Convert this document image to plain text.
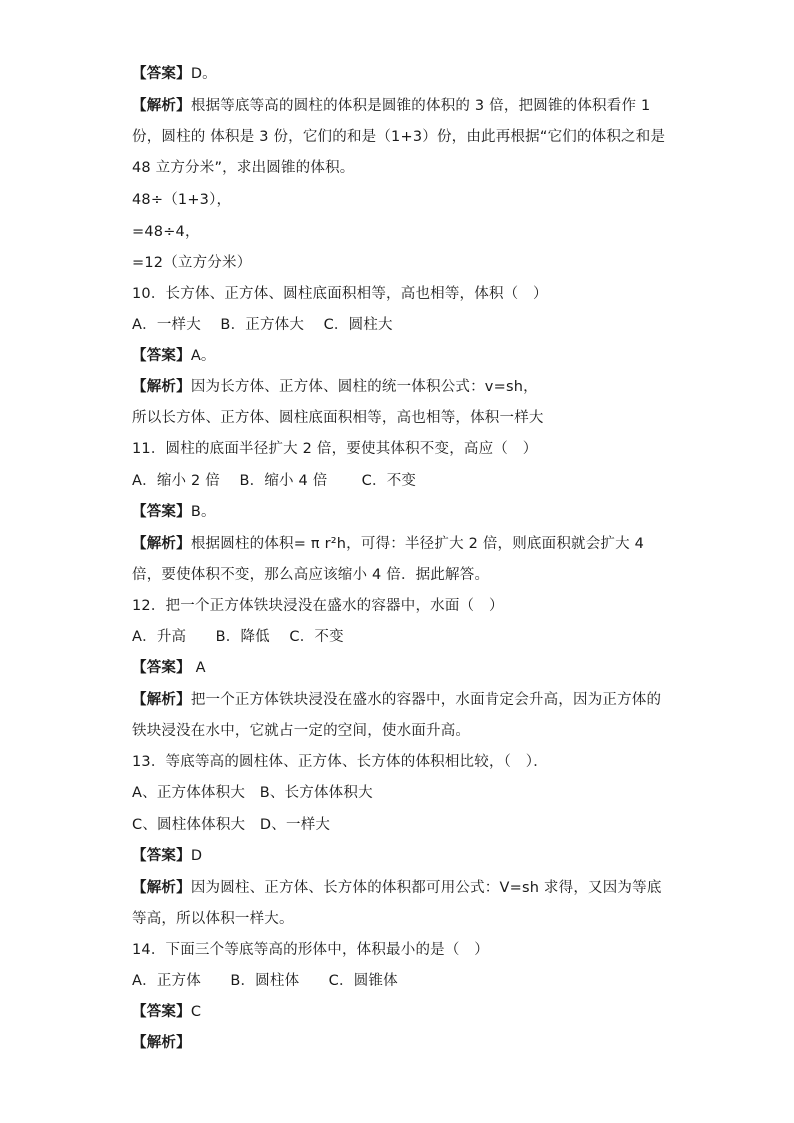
【答案】D。
【解析】根据等底等高的圆柱的体积是圆锥的体积的 3 倍，把圆锥的体积看作 1 份，圆柱的 体积是 3 份，它们的和是（1+3）份，由此再根据“它们的体积之和是 48 立方分米”，求出圆锥的体积。
48÷（1+3），
=48÷4，
=12（立方分米）
10．长方体、正方体、圆柱底面积相等，高也相等，体积（　）
A．一样大　 B．正方体大　 C．圆柱大
【答案】A。
【解析】因为长方体、正方体、圆柱的统一体积公式：v=sh，
所以长方体、正方体、圆柱底面积相等，高也相等，体积一样大
11．圆柱的底面半径扩大 2 倍，要使其体积不变，高应（　）
A．缩小 2 倍　 B．缩小 4 倍　　 C．不变
【答案】B。
【解析】根据圆柱的体积= π r²h，可得：半径扩大 2 倍，则底面积就会扩大 4 倍，要使体积不变，那么高应该缩小 4 倍．据此解答。
12．把一个正方体铁块浸没在盛水的容器中，水面（　）
A．升高　　B．降低　 C．不变
【答案】 A
【解析】把一个正方体铁块浸没在盛水的容器中，水面肯定会升高，因为正方体的铁块浸没在水中，它就占一定的空间，使水面升高。
13．等底等高的圆柱体、正方体、长方体的体积相比较，（　）．
A、正方体体积大　B、长方体体积大
C、圆柱体体积大　D、一样大
【答案】D
【解析】因为圆柱、正方体、长方体的体积都可用公式：V=sh 求得，又因为等底等高，所以体积一样大。
14．下面三个等底等高的形体中，体积最小的是（　）
A．正方体　　B．圆柱体　　C．圆锥体
【答案】C
【解析】
